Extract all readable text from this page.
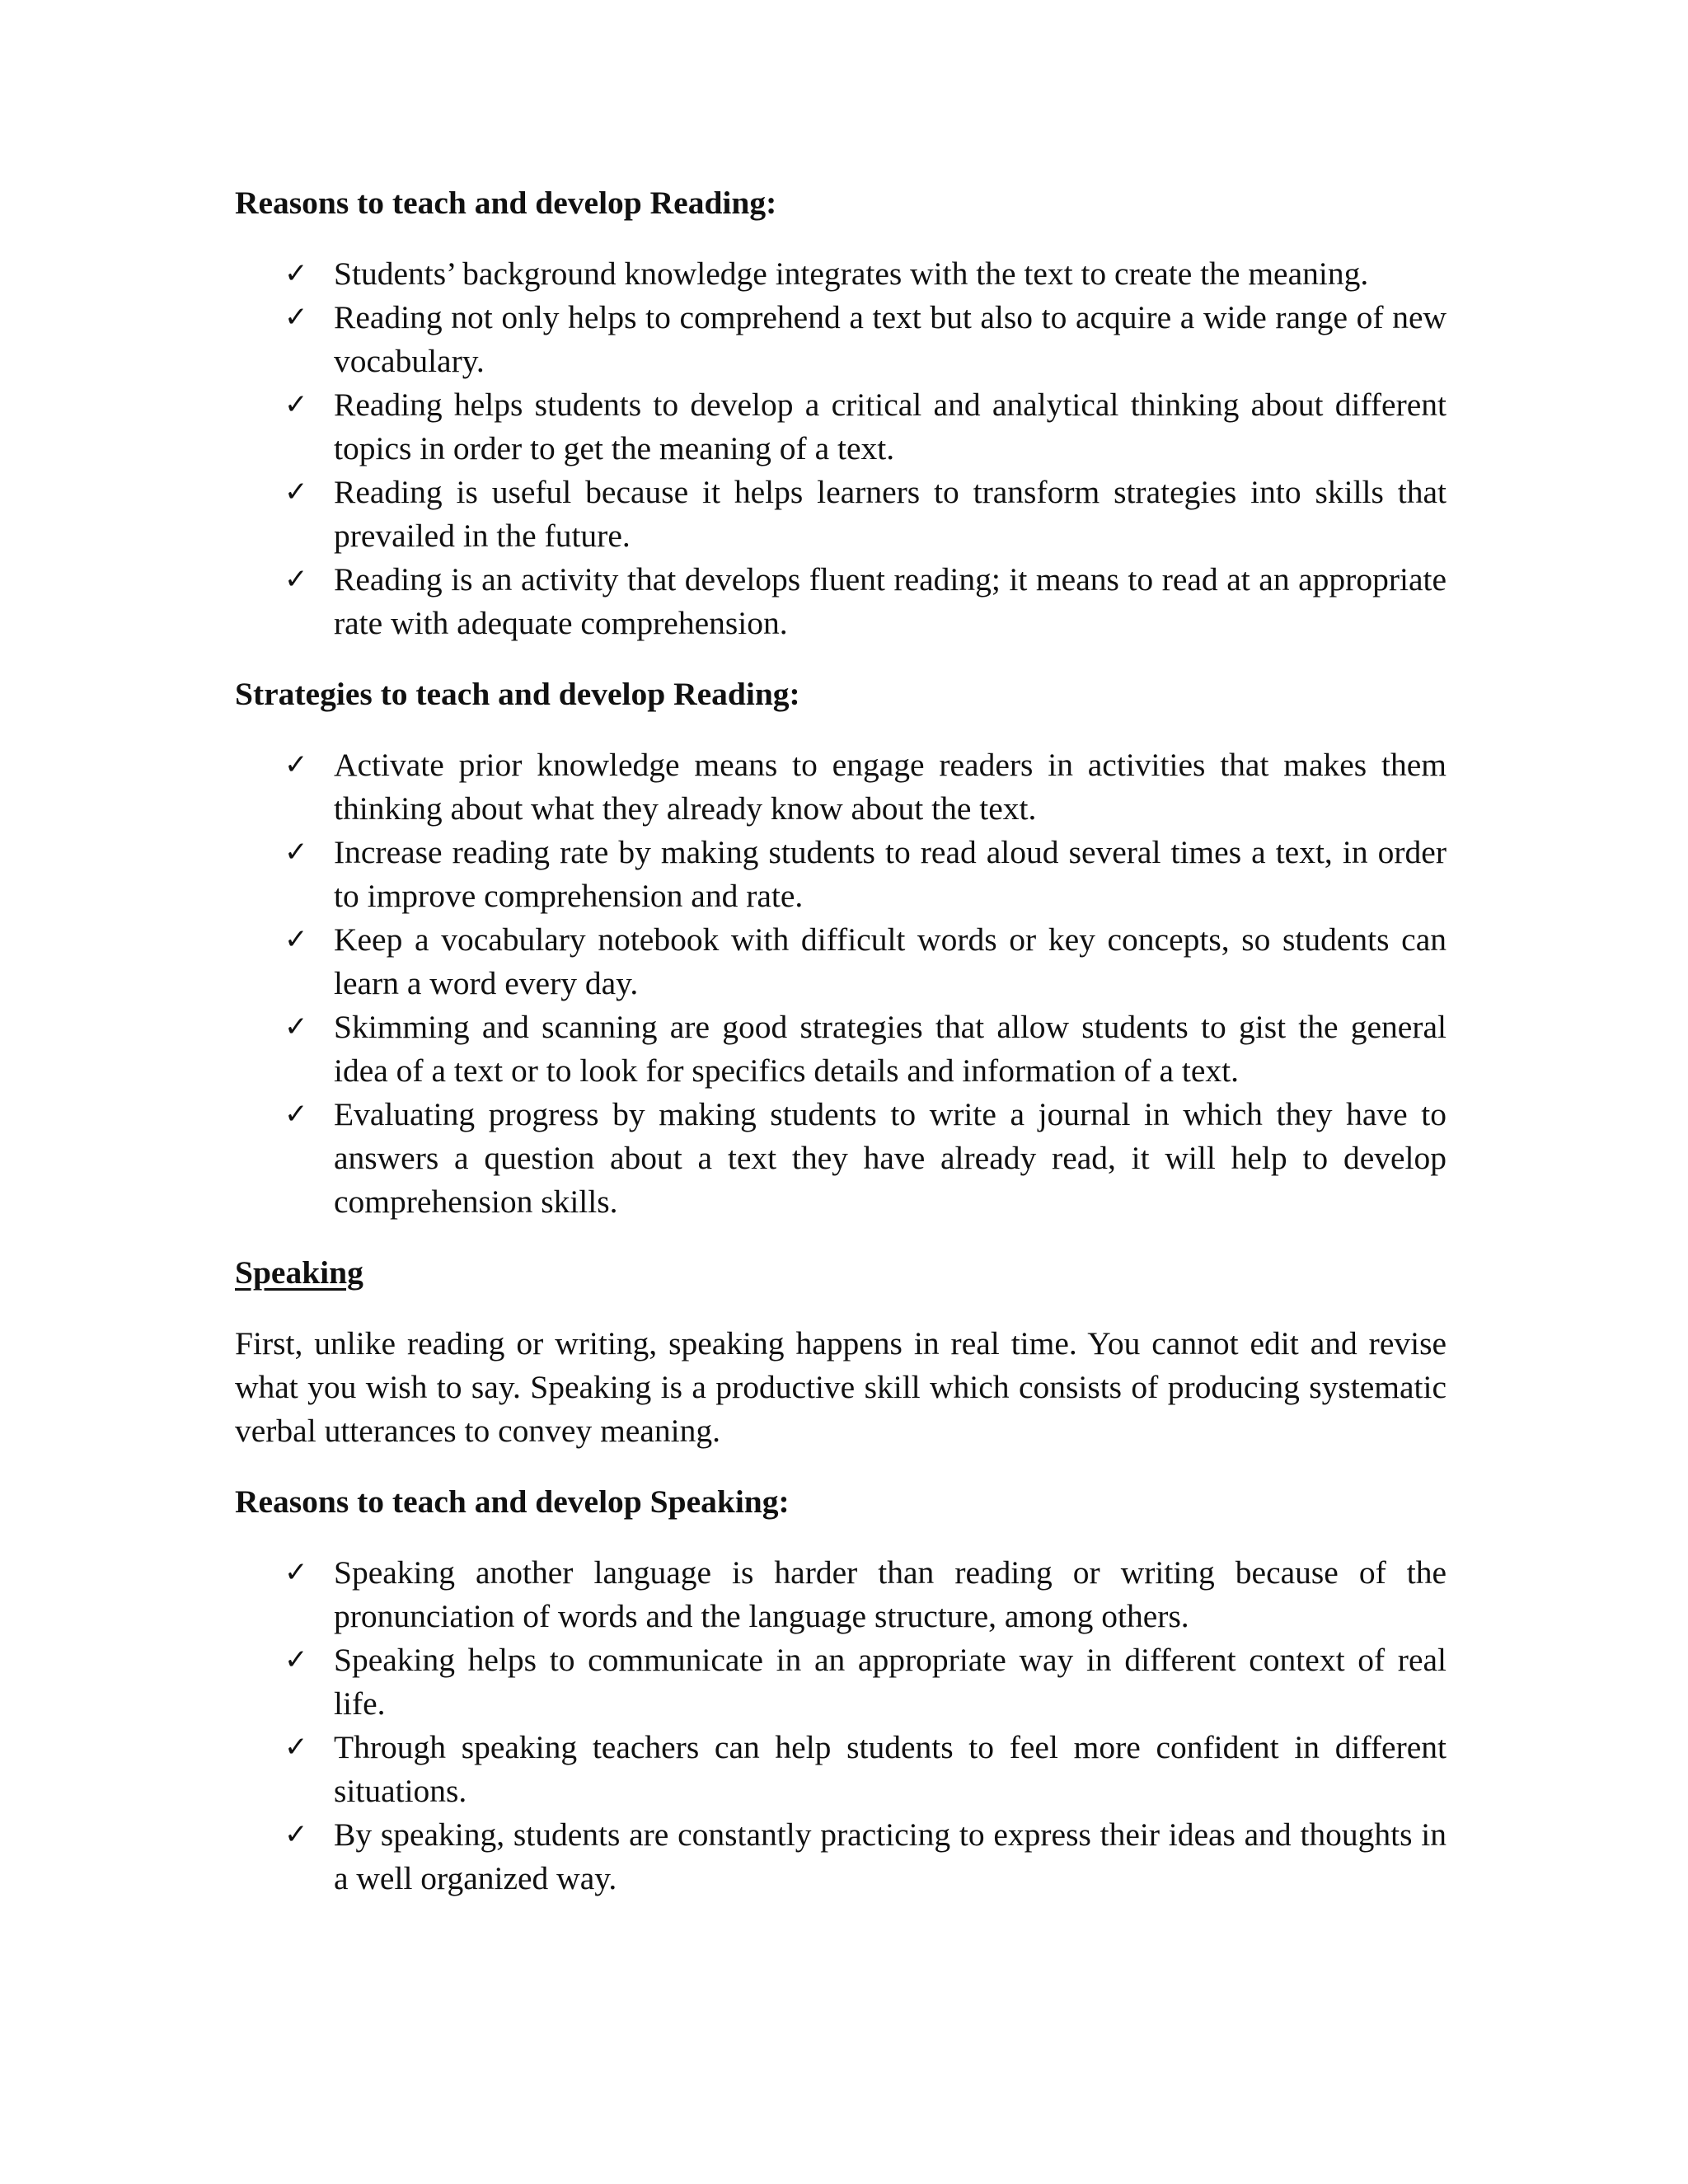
Reasons to teach and develop Reading:

✓ Students’ background knowledge integrates with the text to create the meaning.
✓ Reading not only helps to comprehend a text but also to acquire a wide range of new vocabulary.
✓ Reading helps students to develop a critical and analytical thinking about different topics in order to get the meaning of a text.
✓ Reading is useful because it helps learners to transform strategies into skills that prevailed in the future.
✓ Reading is an activity that develops fluent reading; it means to read at an appropriate rate with adequate comprehension.

Strategies to teach and develop Reading:

✓ Activate prior knowledge means to engage readers in activities that makes them thinking about what they already know about the text.
✓ Increase reading rate by making students to read aloud several times a text, in order to improve comprehension and rate.
✓ Keep a vocabulary notebook with difficult words or key concepts, so students can learn a word every day.
✓ Skimming and scanning are good strategies that allow students to gist the general idea of a text or to look for specifics details and information of a text.
✓ Evaluating progress by making students to write a journal in which they have to answers a question about a text they have already read, it will help to develop comprehension skills.

Speaking

First, unlike reading or writing, speaking happens in real time. You cannot edit and revise what you wish to say. Speaking is a productive skill which consists of producing systematic verbal utterances to convey meaning.

Reasons to teach and develop Speaking:

✓ Speaking another language is harder than reading or writing because of the pronunciation of words and the language structure, among others.
✓ Speaking helps to communicate in an appropriate way in different context of real life.
✓ Through speaking teachers can help students to feel more confident in different situations.
✓ By speaking, students are constantly practicing to express their ideas and thoughts in a well organized way.
